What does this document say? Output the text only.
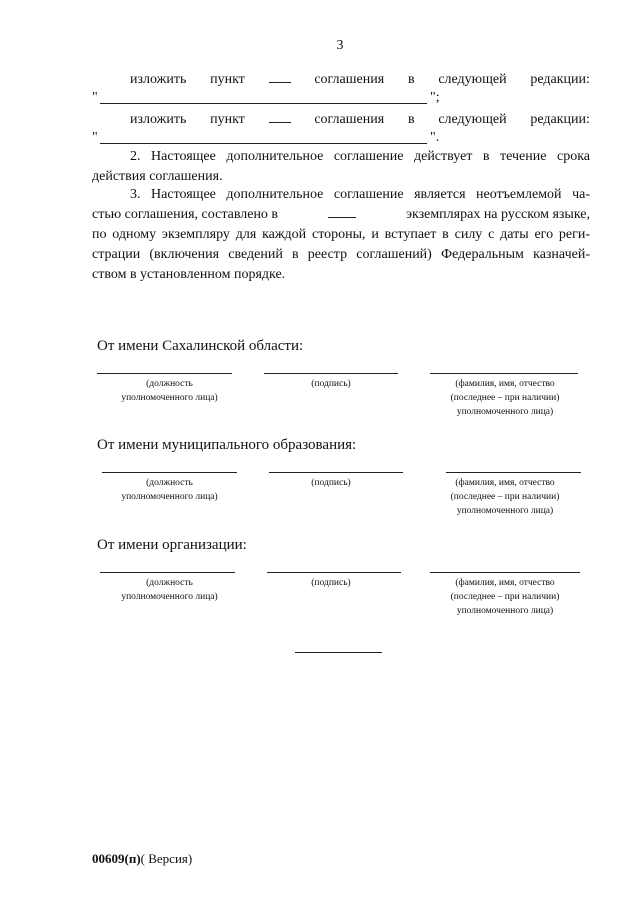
3
изложить пункт	соглашения в следующей редакции:
"	";
изложить пункт	соглашения в следующей редакции:
"	".
2. Настоящее дополнительное соглашение действует в течение срока действия соглашения.
3. Настоящее дополнительное соглашение является неотъемлемой ча-
стью соглашения, составлено в	экземплярах на русском языке,
по одному экземпляру для каждой стороны, и вступает в силу с даты его реги-
страции (включения сведений в реестр соглашений) Федеральным казначей-
ством в установленном порядке.
От имени Сахалинской области:
(должность
уполномоченного лица)
(подпись)	(фамилия, имя, отчество
(последнее – при наличии)
уполномоченного лица)
От имени муниципального образования:
(должность
уполномоченного лица)
(подпись)	(фамилия, имя, отчество
(последнее – при наличии)
уполномоченного лица)
От имени организации:
(должность
уполномоченного лица)
(подпись)	(фамилия, имя, отчество
(последнее – при наличии)
уполномоченного лица)
00609(п)( Версия)
